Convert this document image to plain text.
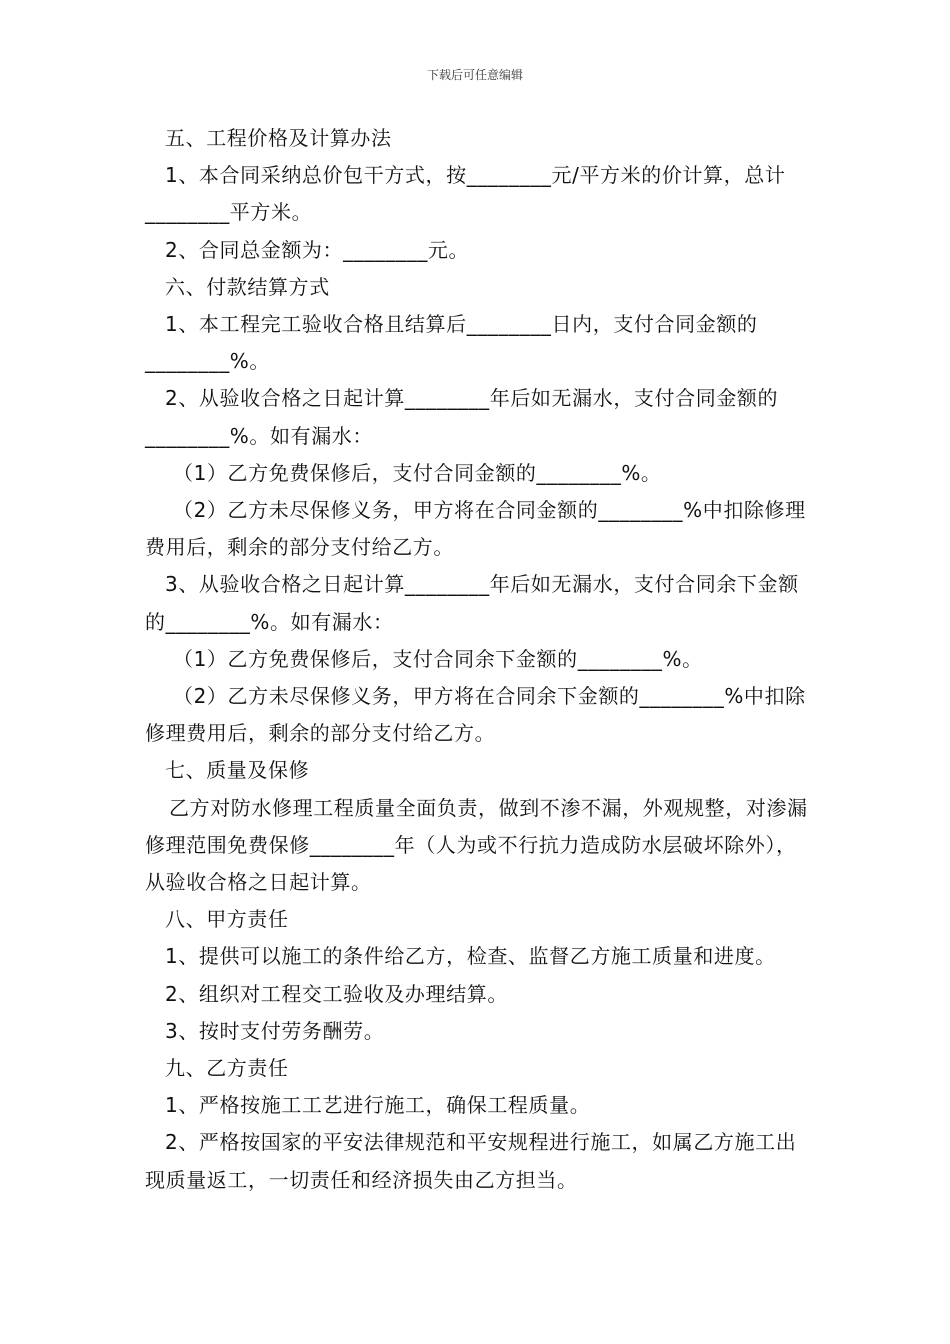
下载后可任意编辑

五、工程价格及计算办法

1、本合同采纳总价包干方式，按________元/平方米的价计算，总计________平方米。

2、合同总金额为：________元。

六、付款结算方式

1、本工程完工验收合格且结算后________日内，支付合同金额的________%。

2、从验收合格之日起计算________年后如无漏水，支付合同金额的________%。如有漏水：

（1）乙方免费保修后，支付合同金额的________%。

（2）乙方未尽保修义务，甲方将在合同金额的________%中扣除修理费用后，剩余的部分支付给乙方。

3、从验收合格之日起计算________年后如无漏水，支付合同余下金额的________%。如有漏水：

（1）乙方免费保修后，支付合同余下金额的________%。

（2）乙方未尽保修义务，甲方将在合同余下金额的________%中扣除修理费用后，剩余的部分支付给乙方。

七、质量及保修

乙方对防水修理工程质量全面负责，做到不渗不漏，外观规整，对渗漏修理范围免费保修________年（人为或不行抗力造成防水层破坏除外），从验收合格之日起计算。

八、甲方责任

1、提供可以施工的条件给乙方，检查、监督乙方施工质量和进度。

2、组织对工程交工验收及办理结算。

3、按时支付劳务酬劳。

九、乙方责任

1、严格按施工工艺进行施工，确保工程质量。

2、严格按国家的平安法律规范和平安规程进行施工，如属乙方施工出现质量返工，一切责任和经济损失由乙方担当。
